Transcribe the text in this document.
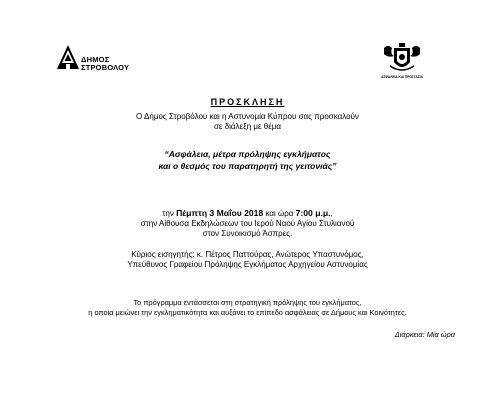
ΔΗΜΟΣ
ΣΤΡΟΒΟΛΟΥ
ΑΣΦΑΛΕΙΑ ΚΑΙ ΠΡΟΣΤΑΣΙΑ
ΠΡΟΣΚΛΗΣΗ
Ο Δήμος Στροβόλου και η Αστυνομία Κύπρου σας προσκαλούν
σε διάλεξη με θέμα
“Ασφάλεια, μέτρα πρόληψης εγκλήματος
και ο θεσμός του παρατηρητή της γειτονιάς”
την Πέμπτη 3 Μαΐου 2018 και ώρα 7:00 μ.μ.,
στην Αίθουσα Εκδηλώσεων του Ιερού Ναού Αγίου Στυλιανού
στον Συνοικισμό Άσπρες.
Κύριος εισηγητής: κ. Πέτρος Παττούρας, Ανώτερος Υπαστυνόμος,
Υπεύθυνος Γραφείου Πρόληψης Εγκλήματος Αρχηγείου Αστυνομίας
Το πρόγραμμα εντάσσεται στη στρατηγική πρόληψης του εγκλήματος,
η οποία μειώνει την εγκληματικότητα και αυξάνει το επίπεδο ασφάλειας σε Δήμους και Κοινότητες.
Διάρκεια: Μία ώρα
